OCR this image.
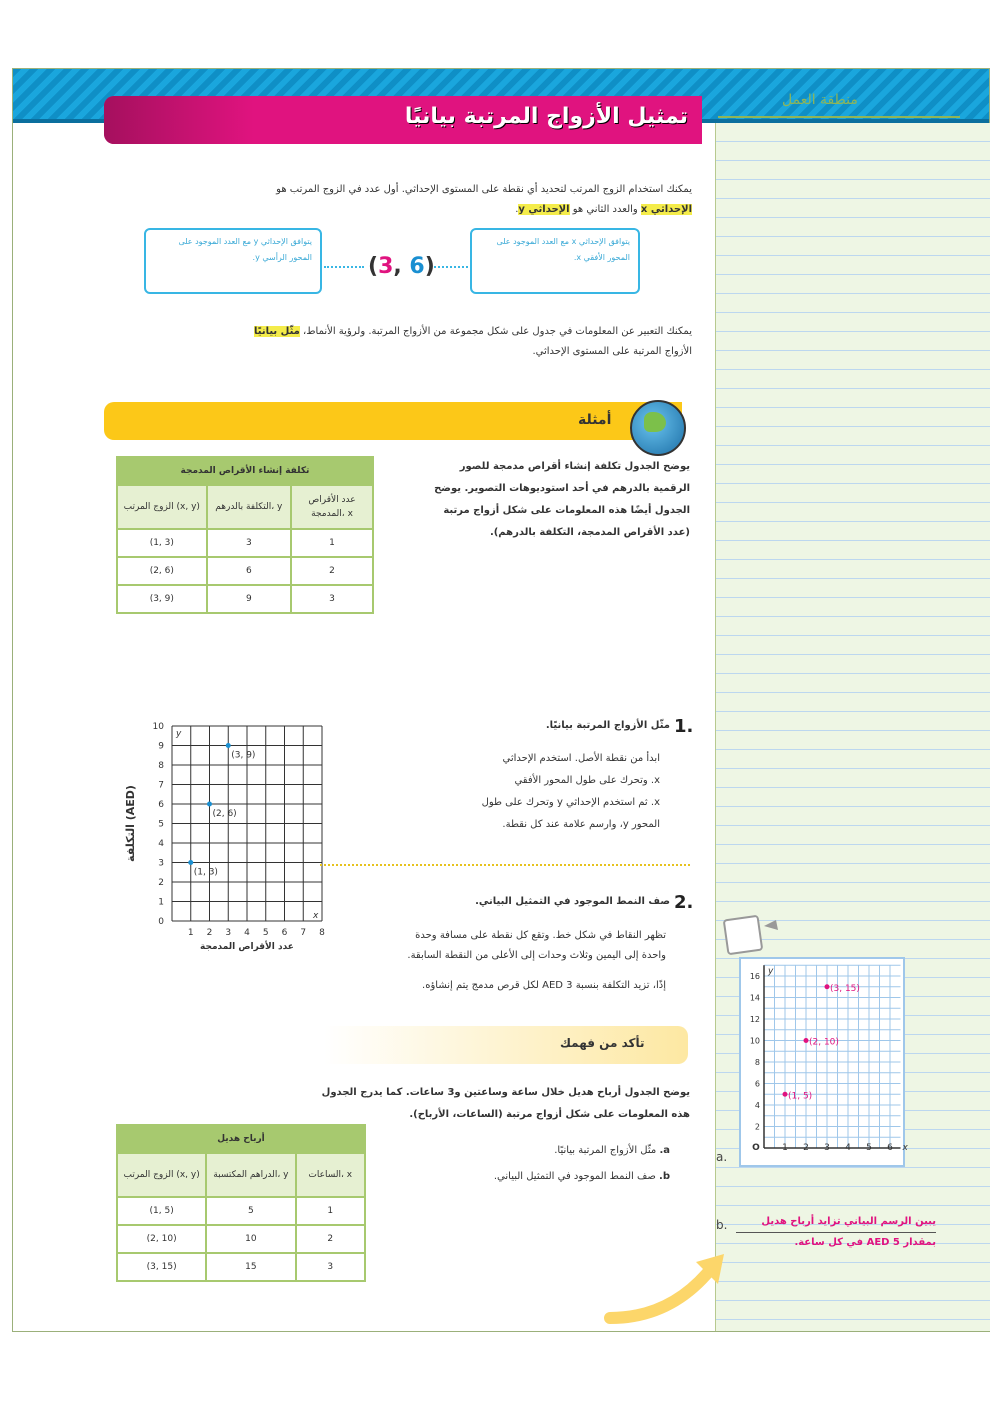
منطقة العمل
تمثيل الأزواج المرتبة بيانيًا
يمكنك استخدام الزوج المرتب لتحديد أي نقطة على المستوى الإحداثي. أول عدد في الزوج المرتب هو
الإحداثي x والعدد الثاني هو الإحداثي y.
يتوافق الإحداثي x مع العدد الموجود على المحور الأفقي x.
يتوافق الإحداثي y مع العدد الموجود على المحور الرأسي y.	(3, 6)
يمكنك التعبير عن المعلومات في جدول على شكل مجموعة من الأزواج المرتبة. ولرؤية الأنماط، مثّل بيانيًا
الأزواج المرتبة على المستوى الإحداثي.
أمثلة
يوضح الجدول تكلفة إنشاء أقراص مدمجة للصور
الرقمية بالدرهم في أحد استوديوهات التصوير. يوضح
الجدول أيضًا هذه المعلومات على شكل أزواج مرتبة
(عدد الأقراص المدمجة، التكلفة بالدرهم).
تكلفة إنشاء الأقراص المدمجة		
الزوج المرتب (x, y)	التكلفة بالدرهم، y	عدد الأقراص المدمجة، x
(1, 3)	3	1
(2, 6)	6	2
(3, 9)	9	3
1 2 3 4 5 6 7 8
0
1
2
3
4
5
6
7
8
9
10
y
x
(1, 3)
(2, 6)
(3, 9)
عدد الأقراص المدمجة
التكلفة (AED)
1.
مثّل الأزواج المرتبة بيانيًا.
ابدأ من نقطة الأصل. استخدم الإحداثي
x. وتحرك على طول المحور الأفقي
x. ثم استخدم الإحداثي y وتحرك على طول
المحور y، وارسم علامة عند كل نقطة.
2.
صف النمط الموجود في التمثيل البياني.
تظهر النقاط في شكل خط. وتقع كل نقطة على مسافة وحدة
واحدة إلى اليمين وثلاث وحدات إلى الأعلى من النقطة السابقة.
إذًا، تزيد التكلفة بنسبة AED 3 لكل قرص مدمج يتم إنشاؤه.
تأكد من فهمك
يوضح الجدول أرباح هديل خلال ساعة وساعتين و3 ساعات. كما يدرج الجدول
هذه المعلومات على شكل أزواج مرتبة (الساعات، الأرباح).
أرباح هديل		
الزوج المرتب (x, y)	الدراهم المكتسبة، y	الساعات، x
(1, 5)	5	1
(2, 10)	10	2
(3, 15)	15	3
a. مثّل الأزواج المرتبة بيانيًا.
b. صف النمط الموجود في التمثيل البياني.
a.
O 1 2 3 4 5 6
2
4
6
8
10
12
14
16
y
x
(1, 5)
(2, 10)
(3, 15)
b.	يبين الرسم البياني تزايد أرباح هديل
بمقدار AED 5 في كل ساعة.
